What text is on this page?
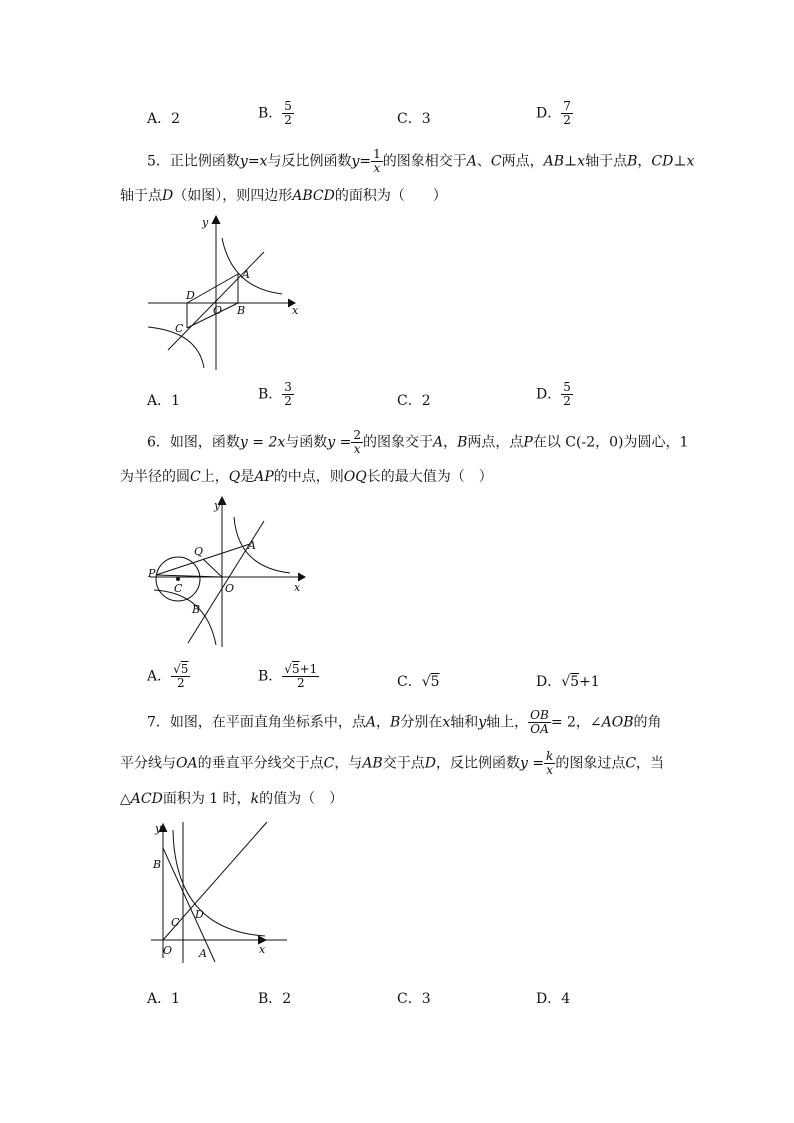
A．2	B． $\frac{5}{2}$	C．3	D． $\frac{7}{2}$
5．正比例函数y=x与反比例函数$y= \frac{1}{x}$ 的图象相交于A、C两点，AB⊥x轴于点B，CD⊥x
轴于点D（如图），则四边形ABCD的面积为（　　）
y
x
A
B
C
D
O
A．1	B． $\frac{3}{2}$	C．2	D． $\frac{5}{2}$
6．如图，函数y = 2x与函数$y = \frac{2}{x}$ 的图象交于A，B两点，点P在以 C(-2，0)为圆心，1
为半径的圆C上，Q是AP的中点，则OQ长的最大值为（　）
y
x
A
B
C
P
Q
O
A． $\frac{√5}{2}$	B． $\frac{√5+1}{2}$	C．√5	D．√5+1
7．如图，在平面直角坐标系中，点A，B分别在x轴和y轴上， $\frac{OB}{OA} = 2$，∠AOB的角
平分线与OA的垂直平分线交于点C，与AB交于点D，反比例函数$y = \frac{k}{x}$ 的图象过点C，当
△ACD面积为 1 时，k的值为（　）
y
x
B
C
D
O A
A．1	B．2	C．3	D．4
